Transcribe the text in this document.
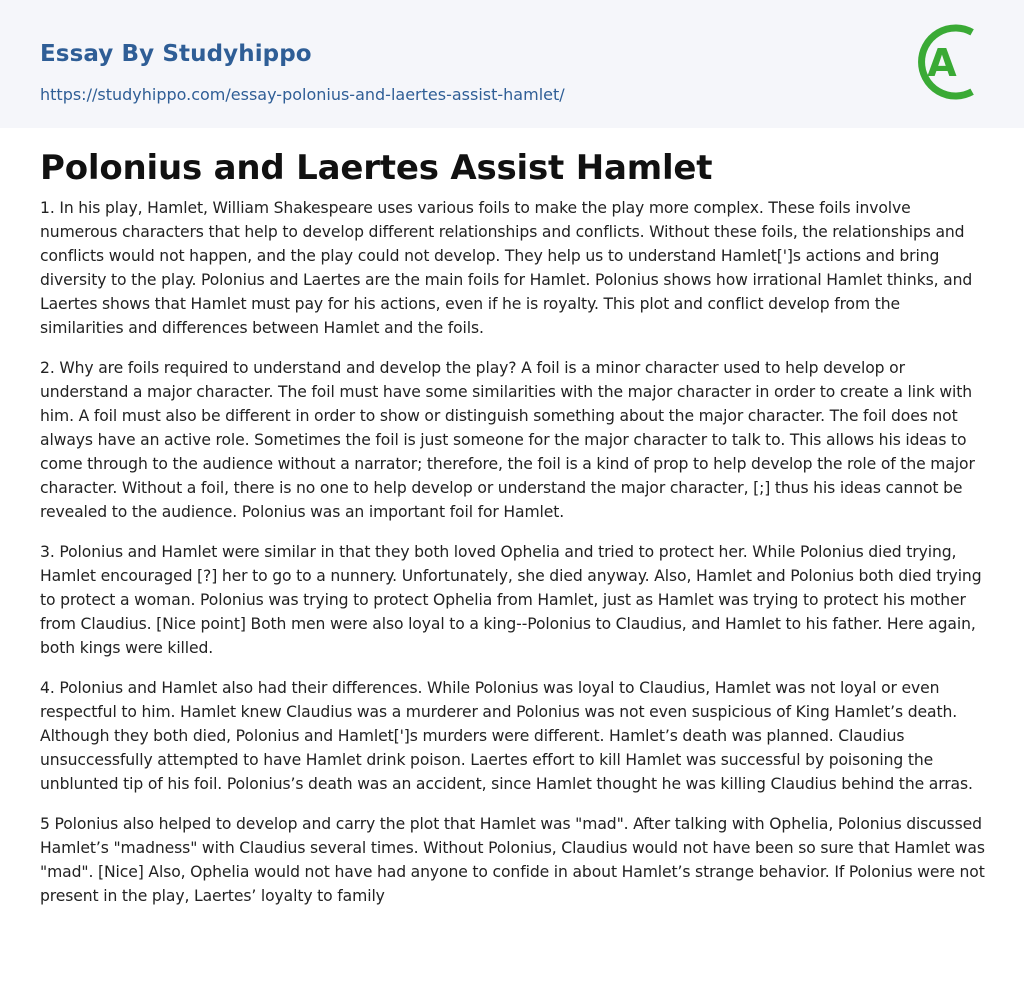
Essay By Studyhippo
https://studyhippo.com/essay-polonius-and-laertes-assist-hamlet/
A
Polonius and Laertes Assist Hamlet

1. In his play, Hamlet, William Shakespeare uses various foils to make the play more complex. These foils involve numerous characters that help to develop different relationships and conflicts. Without these foils, the relationships and conflicts would not happen, and the play could not develop. They help us to understand Hamlet[']s actions and bring diversity to the play. Polonius and Laertes are the main foils for Hamlet. Polonius shows how irrational Hamlet thinks, and Laertes shows that Hamlet must pay for his actions, even if he is royalty. This plot and conflict develop from the similarities and differences between Hamlet and the foils.

2. Why are foils required to understand and develop the play? A foil is a minor character used to help develop or understand a major character. The foil must have some similarities with the major character in order to create a link with him. A foil must also be different in order to show or distinguish something about the major character. The foil does not always have an active role. Sometimes the foil is just someone for the major character to talk to. This allows his ideas to come through to the audience without a narrator; therefore, the foil is a kind of prop to help develop the role of the major character. Without a foil, there is no one to help develop or understand the major character, [;] thus his ideas cannot be revealed to the audience. Polonius was an important foil for Hamlet.

3. Polonius and Hamlet were similar in that they both loved Ophelia and tried to protect her. While Polonius died trying, Hamlet encouraged [?] her to go to a nunnery. Unfortunately, she died anyway. Also, Hamlet and Polonius both died trying to protect a woman. Polonius was trying to protect Ophelia from Hamlet, just as Hamlet was trying to protect his mother from Claudius. [Nice point] Both men were also loyal to a king--Polonius to Claudius, and Hamlet to his father. Here again, both kings were killed.

4. Polonius and Hamlet also had their differences. While Polonius was loyal to Claudius, Hamlet was not loyal or even respectful to him. Hamlet knew Claudius was a murderer and Polonius was not even suspicious of King Hamlet’s death. Although they both died, Polonius and Hamlet[']s murders were different. Hamlet’s death was planned. Claudius unsuccessfully attempted to have Hamlet drink poison. Laertes effort to kill Hamlet was successful by poisoning the unblunted tip of his foil. Polonius’s death was an accident, since Hamlet thought he was killing Claudius behind the arras.

5 Polonius also helped to develop and carry the plot that Hamlet was "mad". After talking with Ophelia, Polonius discussed Hamlet’s "madness" with Claudius several times. Without Polonius, Claudius would not have been so sure that Hamlet was "mad". [Nice] Also, Ophelia would not have had anyone to confide in about Hamlet’s strange behavior. If Polonius were not present in the play, Laertes’ loyalty to family
